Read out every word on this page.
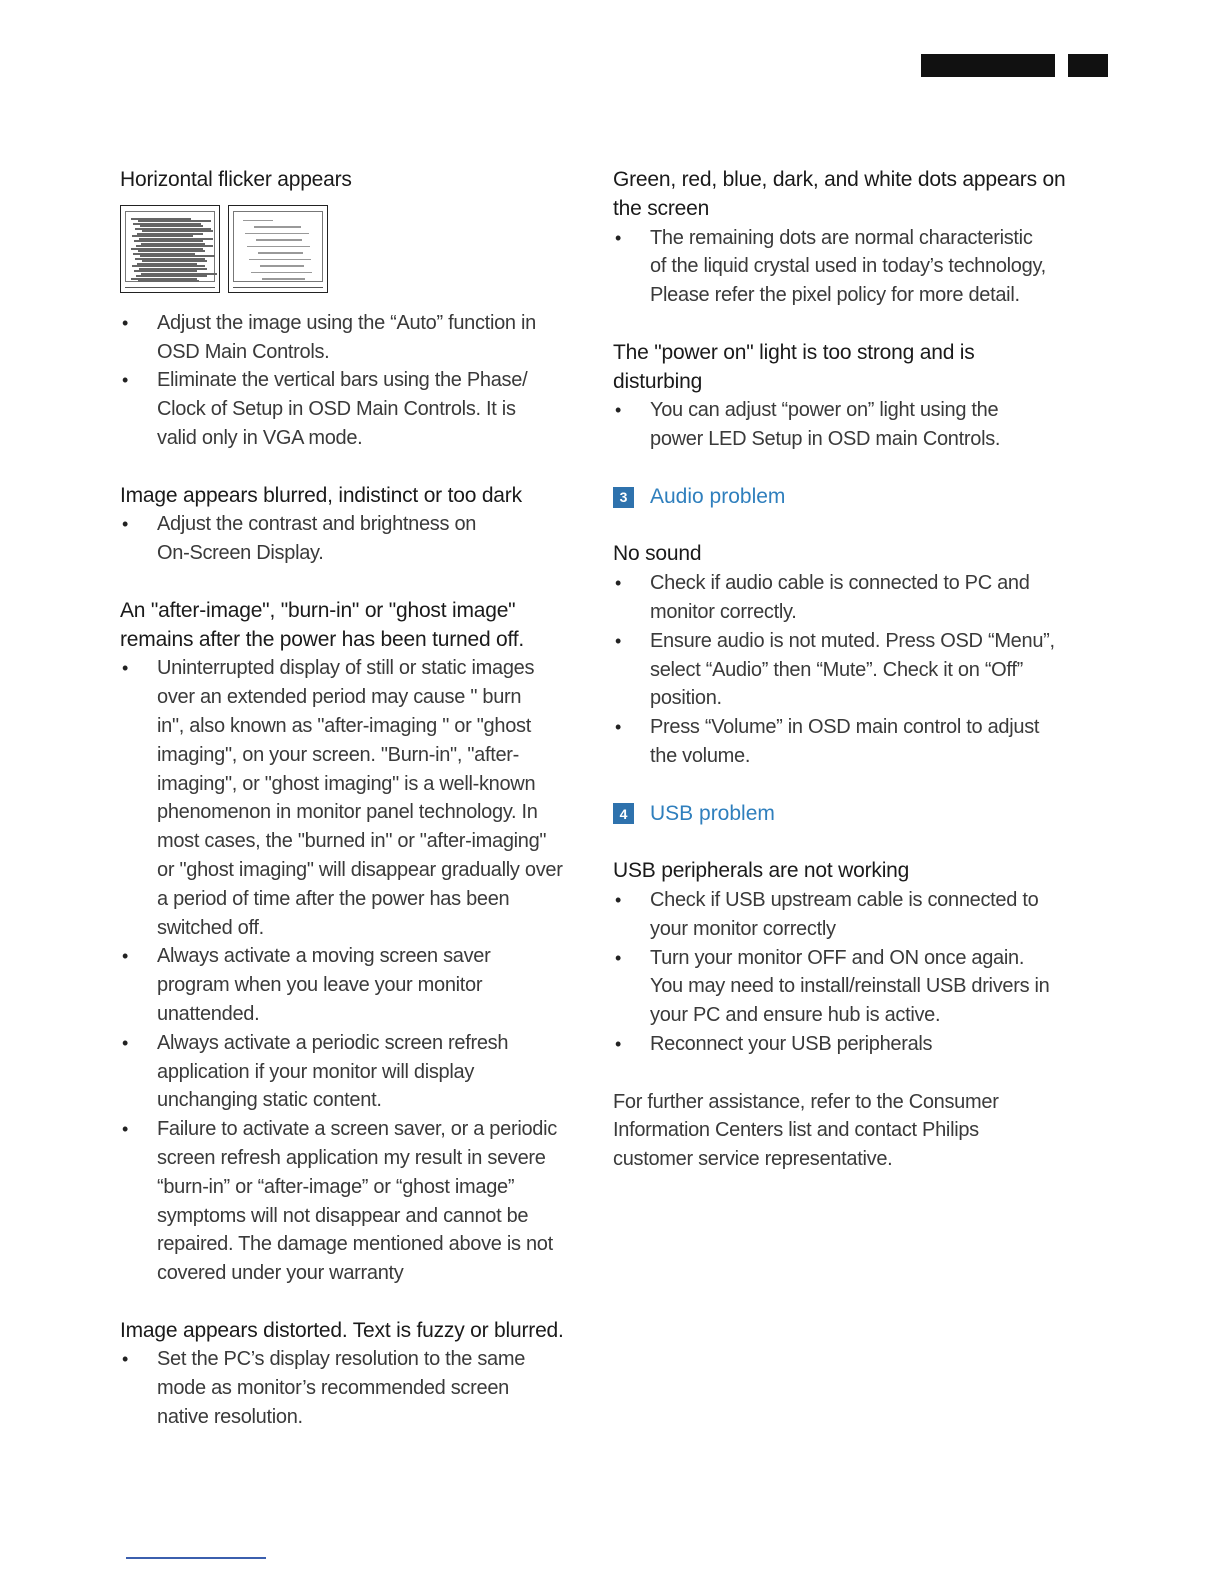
Horizontal flicker appears
• Adjust the image using the “Auto” function in
OSD Main Controls.
• Eliminate the vertical bars using the Phase/
Clock of Setup in OSD Main Controls. It is
valid only in VGA mode.
Image appears blurred, indistinct or too dark
• Adjust the contrast and brightness on
On-Screen Display.
An "after-image", "burn-in" or "ghost image"
remains after the power has been turned off.
• Uninterrupted display of still or static images
over an extended period may cause " burn
in", also known as "after-imaging " or "ghost
imaging", on your screen. "Burn-in", "after-
imaging", or "ghost imaging" is a well-known
phenomenon in monitor panel technology. In
most cases, the "burned in" or "after-imaging"
or "ghost imaging" will disappear gradually over
a period of time after the power has been
switched off.
• Always activate a moving screen saver
program when you leave your monitor
unattended.
• Always activate a periodic screen refresh
application if your monitor will display
unchanging static content.
• Failure to activate a screen saver, or a periodic
screen refresh application my result in severe
“burn-in” or “after-image” or “ghost image”
symptoms will not disappear and cannot be
repaired. The damage mentioned above is not
covered under your warranty
Image appears distorted. Text is fuzzy or blurred.
• Set the PC’s display resolution to the same
mode as monitor’s recommended screen
native resolution.
Green, red, blue, dark, and white dots appears on
the screen
• The remaining dots are normal characteristic
of the liquid crystal used in today’s technology,
Please refer the pixel policy for more detail.
The "power on" light is too strong and is
disturbing
• You can adjust “power on” light using the
power LED Setup in OSD main Controls.
3	Audio problem
No sound
• Check if audio cable is connected to PC and
monitor correctly.
• Ensure audio is not muted. Press OSD “Menu”,
select “Audio” then “Mute”. Check it on “Off”
position.
• Press “Volume” in OSD main control to adjust
the volume.
4	USB problem
USB peripherals are not working
• Check if USB upstream cable is connected to
your monitor correctly
• Turn your monitor OFF and ON once again.
You may need to install/reinstall USB drivers in
your PC and ensure hub is active.
• Reconnect your USB peripherals
For further assistance, refer to the Consumer
Information Centers list and contact Philips
customer service representative.
